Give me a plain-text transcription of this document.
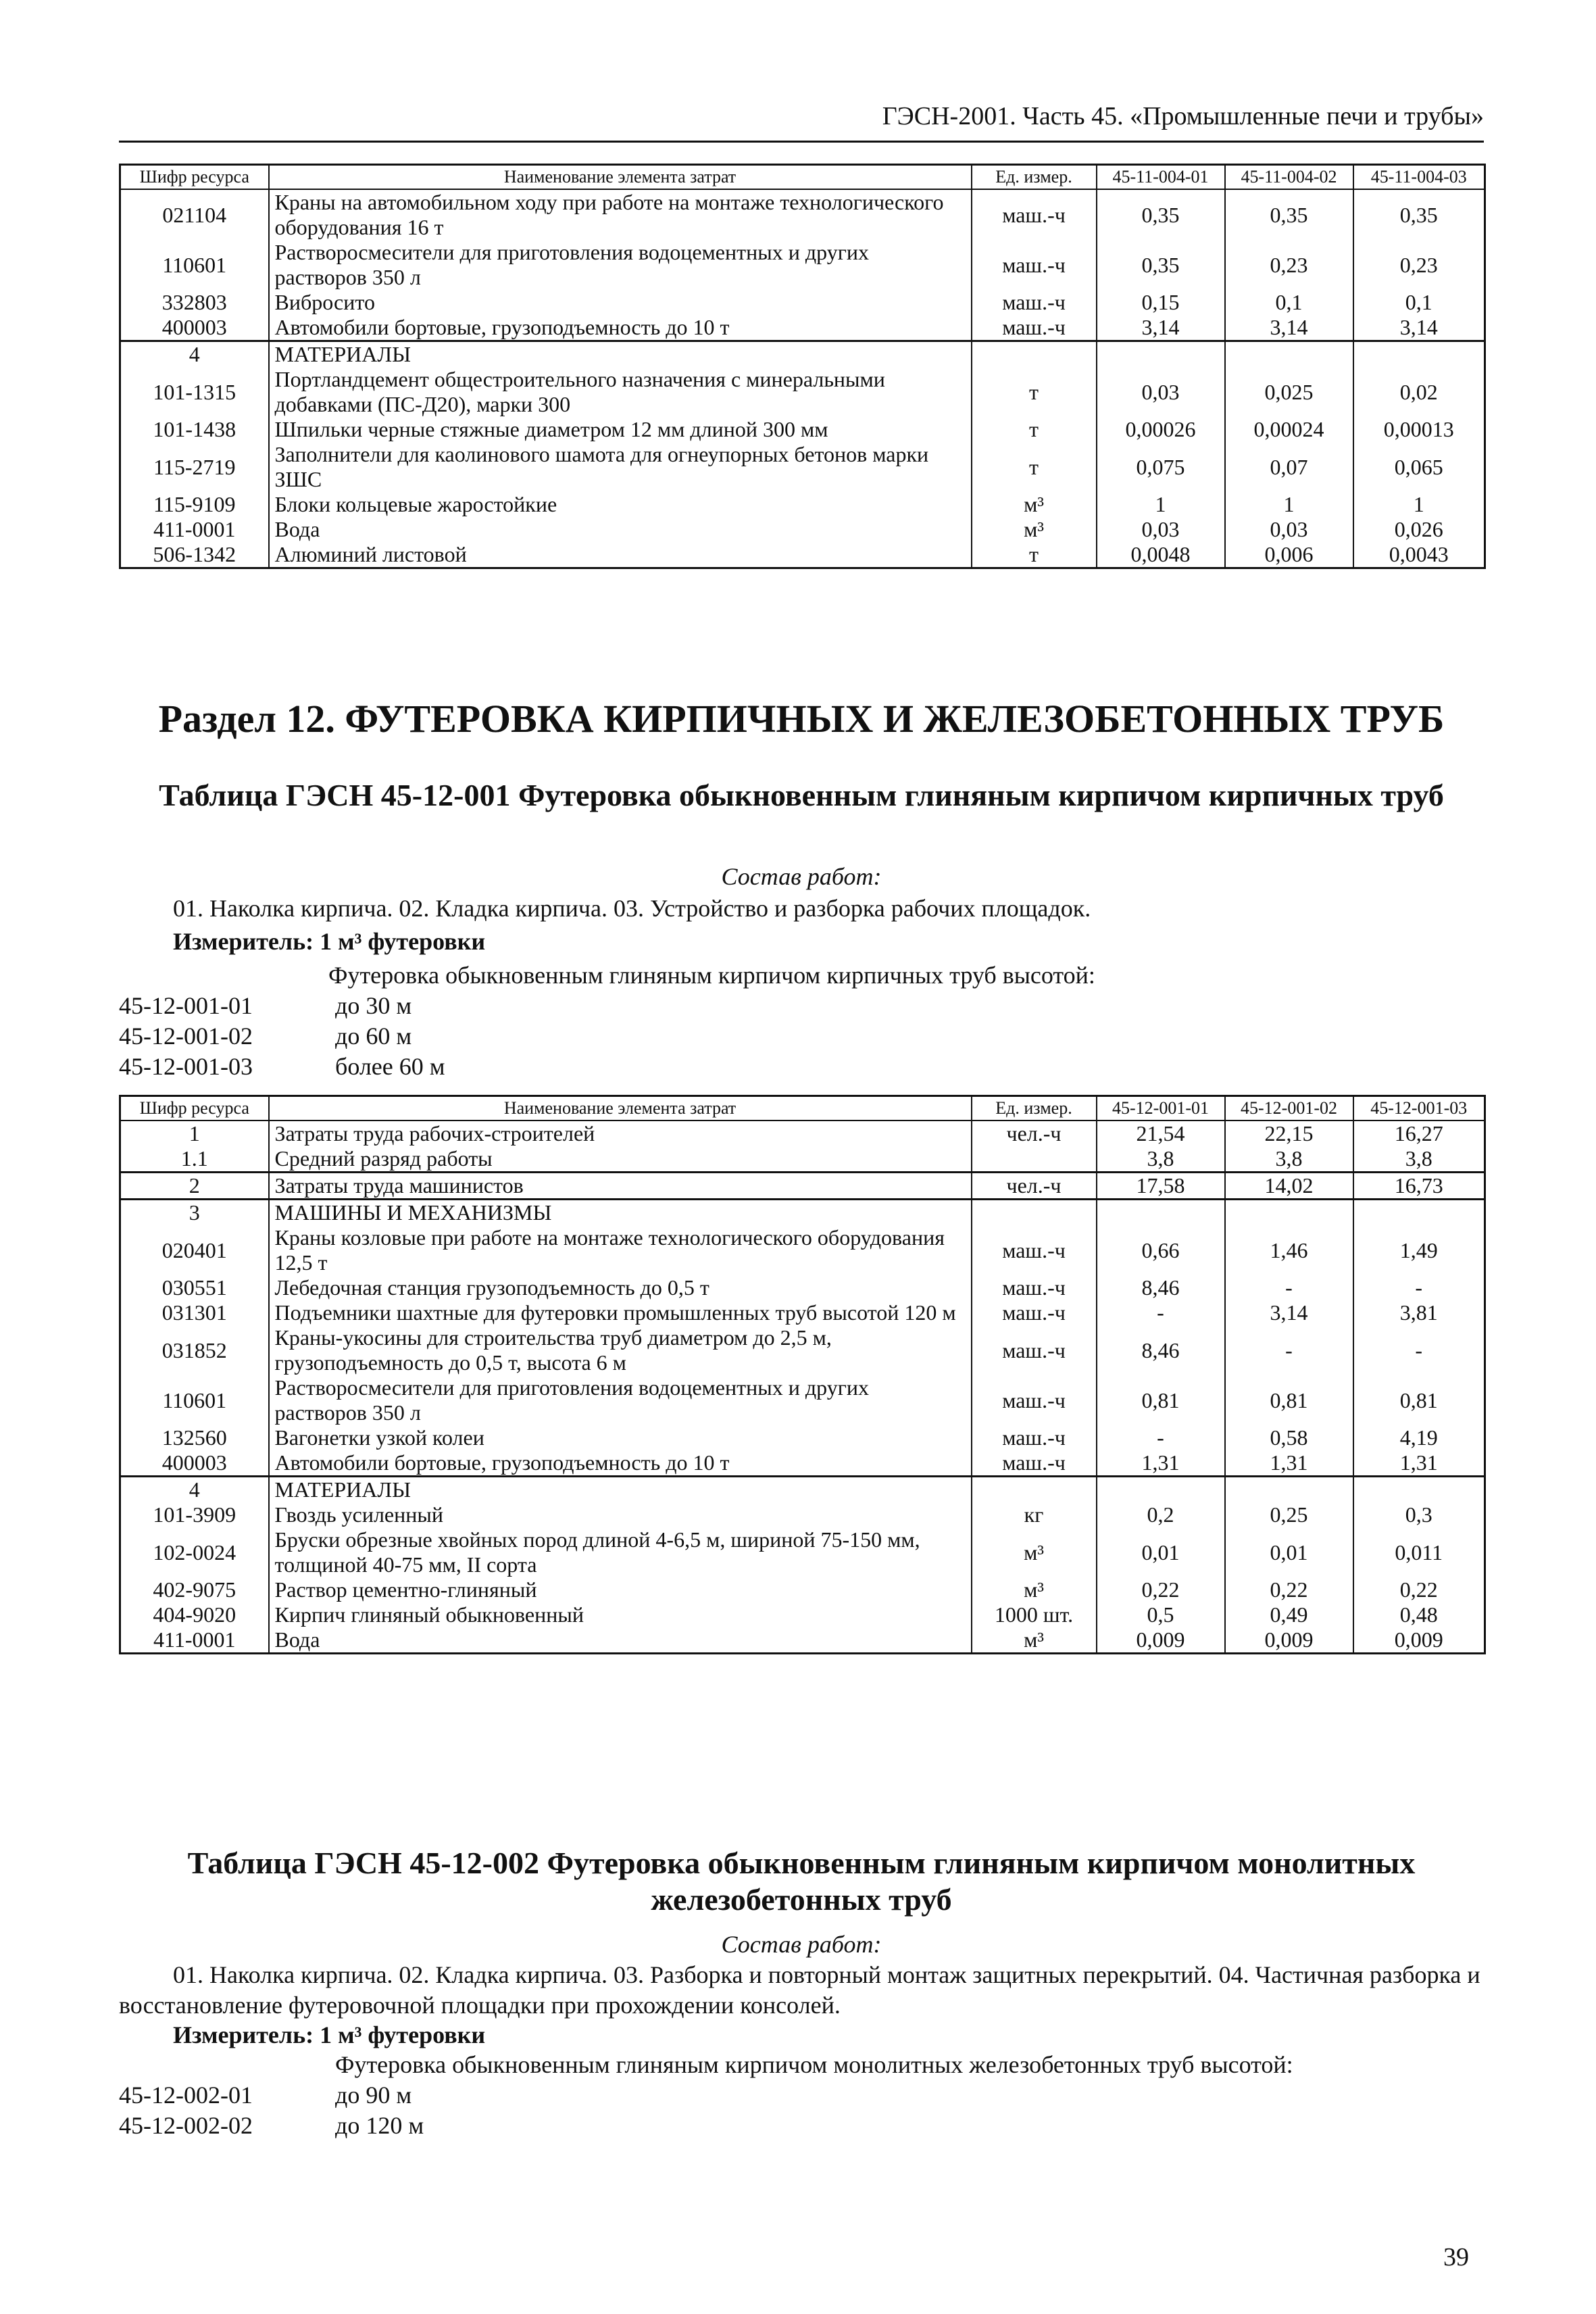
ГЭСН-2001. Часть 45. «Промышленные печи и трубы»
Шифр ресурса	Наименование элемента затрат	Ед. измер.	45-11-004-01	45-11-004-02	45-11-004-03
021104	Краны на автомобильном ходу при работе на монтаже технологического оборудования 16 т	маш.-ч	0,35	0,35	0,35
110601	Растворосмесители для приготовления водоцементных и других растворов 350 л	маш.-ч	0,35	0,23	0,23
332803	Вибросито	маш.-ч	0,15	0,1	0,1
400003	Автомобили бортовые, грузоподъемность до 10 т	маш.-ч	3,14	3,14	3,14
4	МАТЕРИАЛЫ				
101-1315	Портландцемент общестроительного назначения с минеральными добавками (ПС-Д20), марки 300	т	0,03	0,025	0,02
101-1438	Шпильки черные стяжные диаметром 12 мм длиной 300 мм	т	0,00026	0,00024	0,00013
115-2719	Заполнители для каолинового шамота для огнеупорных бетонов марки ЗШС	т	0,075	0,07	0,065
115-9109	Блоки кольцевые жаростойкие	м³	1	1	1
411-0001	Вода	м³	0,03	0,03	0,026
506-1342	Алюминий листовой	т	0,0048	0,006	0,0043
Раздел 12. ФУТЕРОВКА КИРПИЧНЫХ И ЖЕЛЕЗОБЕТОННЫХ ТРУБ
Таблица ГЭСН 45-12-001 Футеровка обыкновенным глиняным кирпичом кирпичных труб
Состав работ:
01. Наколка кирпича. 02. Кладка кирпича. 03. Устройство и разборка рабочих площадок.
Измеритель: 1 м³ футеровки
Футеровка обыкновенным глиняным кирпичом кирпичных труб высотой:
45-12-001-01	до 30 м
45-12-001-02	до 60 м
45-12-001-03	более 60 м
Шифр ресурса	Наименование элемента затрат	Ед. измер.	45-12-001-01	45-12-001-02	45-12-001-03
1	Затраты труда рабочих-строителей	чел.-ч	21,54	22,15	16,27
1.1	Средний разряд работы		3,8	3,8	3,8
2	Затраты труда машинистов	чел.-ч	17,58	14,02	16,73
3	МАШИНЫ И МЕХАНИЗМЫ				
020401	Краны козловые при работе на монтаже технологического оборудования 12,5 т	маш.-ч	0,66	1,46	1,49
030551	Лебедочная станция грузоподъемность до 0,5 т	маш.-ч	8,46	-	-
031301	Подъемники шахтные для футеровки промышленных труб высотой 120 м	маш.-ч	-	3,14	3,81
031852	Краны-укосины для строительства труб диаметром до 2,5 м, грузоподъемность до 0,5 т, высота 6 м	маш.-ч	8,46	-	-
110601	Растворосмесители для приготовления водоцементных и других растворов 350 л	маш.-ч	0,81	0,81	0,81
132560	Вагонетки узкой колеи	маш.-ч	-	0,58	4,19
400003	Автомобили бортовые, грузоподъемность до 10 т	маш.-ч	1,31	1,31	1,31
4	МАТЕРИАЛЫ				
101-3909	Гвоздь усиленный	кг	0,2	0,25	0,3
102-0024	Бруски обрезные хвойных пород длиной 4-6,5 м, шириной 75-150 мм, толщиной 40-75 мм, II сорта	м³	0,01	0,01	0,011
402-9075	Раствор цементно-глиняный	м³	0,22	0,22	0,22
404-9020	Кирпич глиняный обыкновенный	1000 шт.	0,5	0,49	0,48
411-0001	Вода	м³	0,009	0,009	0,009
Таблица ГЭСН 45-12-002 Футеровка обыкновенным глиняным кирпичом монолитных железобетонных труб
Состав работ:
01. Наколка кирпича. 02. Кладка кирпича. 03. Разборка и повторный монтаж защитных перекрытий. 04. Частичная разборка и восстановление футеровочной площадки при прохождении консолей.
Измеритель: 1 м³ футеровки
Футеровка обыкновенным глиняным кирпичом монолитных железобетонных труб высотой:
45-12-002-01	до 90 м
45-12-002-02	до 120 м
39
